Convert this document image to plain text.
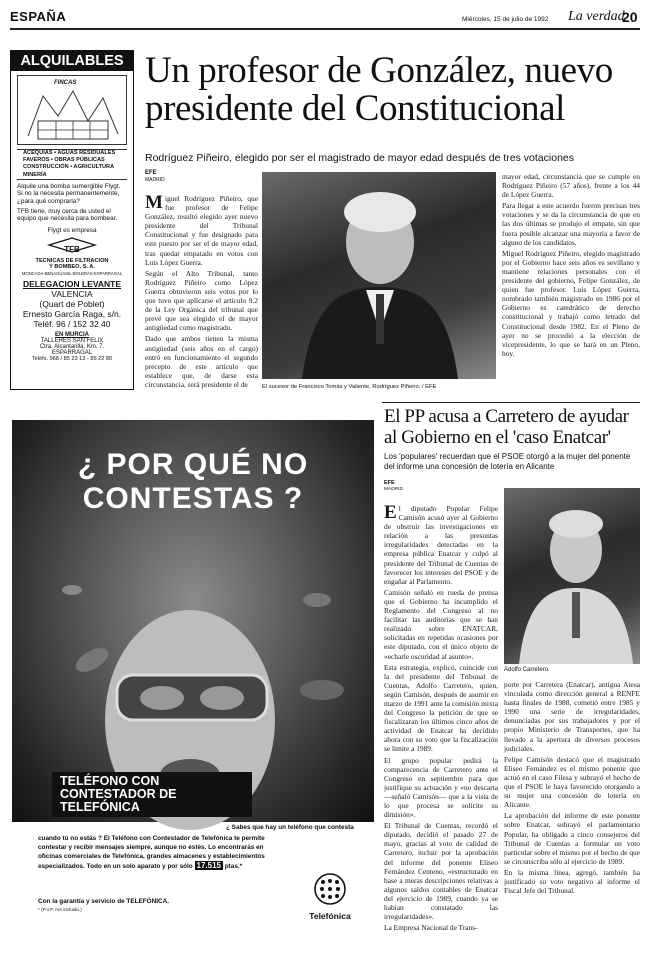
ESPAÑA	Miércoles, 15 de julio de 1992 La verdad
20
ALQUILABLES
FINCAS
ACEQUIAS • AGUAS RESIDUALES
FAVEROS • OBRAS PÚBLICAS
CONSTRUCCIÓN • AGRICULTURA
MINERÍA
Alquile una bomba sumergible Flygt. Si no la necesita permanentemente, ¿para qué comprarla?
TFB tiene, muy cerca de usted el equipo que necesita para bombear.
Flygt es empresa
TFB
TECNICAS DE FILTRACION
Y BOMBEO, S. A.
MONCADA-BENAGUASIL-BOLERAS-ESPARRAGAL
DELEGACION LEVANTE
VALENCIA
(Quart de Poblet)
Ernesto García Raga, s/n.
Teléf. 96 / 152 32 40
EN MURCIA
TALLERES SAN FELIX
Ctra. Alcantarilla, Km. 7.
ESPARRAGAL
Teléfs. 968 / 85 23 13 - 85 22 80
Un profesor de González, nuevo
presidente del Constitucional
Rodríguez Piñeiro, elegido por ser el magistrado de mayor edad después de tres votaciones
EFE
MADRID

Miguel Rodríguez Piñeiro, que fue profesor de Felipe González, resultó elegido ayer nuevo presidente del Tribunal Constitucional y fue designado para este puesto por ser el de mayor edad, tras quedar empatado en votos con Luis López Guerra.

Según el Alto Tribunal, tanto Rodríguez Piñeiro como López Guerra obtuvieron seis votos por lo que tuvo que aplicarse el artículo 9.2 de la Ley Orgánica del tribunal que prevé que sea elegido el de mayor antigüedad como magistrado.

Dado que ambos tienen la misma antigüedad (seis años en el cargo) entró en funcionamiento el segundo precepto de este artículo que establece que, de darse esta circunstancia, será presidente el de	El sucesor de Francisco Tomás y Valiente, Rodríguez Piñeiro. / EFE

mayor edad, circunstancia que se cumple en Rodríguez Piñeiro (57 años), frente a los 44 de López Guerra.

Para llegar a este acuerdo fueron precisas tres votaciones y se da la circunstancia de que en las dos últimas se produjo el empate, sin que fuera posible alcanzar una mayoría a favor de alguno de los candidatos.

Miguel Rodríguez Piñeiro, elegido magistrado por el Gobierno hace seis años es sevillano y mantiene relaciones personales con el presidente del gobierno, Felipe González, de quien fue profesor. Luis López Guerra, nombrado también magistrado en 1986 por el Gobierno es catedrático de derecho constitucional y trabajó como letrado del Constitucional desde 1982. En el Pleno de ayer no se procedió a la elección de vicepresidente, lo que se hará en un Pleno, hoy.

¿ POR QUÉ NO
CONTESTAS ?
TELÉFONO CON
CONTESTADOR DE
TELEFÓNICA
¿ Sabes que hay un teléfono que contesta
cuando tú no estás ? El Teléfono con Contestador de Telefónica te permite contestar y recibir mensajes siempre, aunque no estés. Lo encontrarás en oficinas comerciales de Telefónica, grandes almacenes y establecimientos especializados. Todo en un solo aparato y por sólo 17.515 ptas.*
Con la garantía y servicio de TELEFÓNICA.
* (P.V.P. IVA incluido.)
Telefónica
El PP acusa a Carretero de ayudar
al Gobierno en el 'caso Enatcar'
Los 'populares' recuerdan que el PSOE otorgó a la mujer del ponente del informe una concesión de lotería en Alicante
EFE
MADRID

El diputado Popular Felipe Camisón acusó ayer al Gobierno de obstruir las investigaciones en relación a las presuntas irregularidades detectadas en la empresa pública Enatcar y culpó al presidente del Tribunal de Cuentas de favorecer los intereses del PSOE y de engañar al Parlamento.

Camisón señaló en rueda de prensa que el Gobierno ha incumplido el Reglamento del Congreso al no facilitar las auditorías que se han realizado sobre ENATCAR, solicitadas en repetidas ocasiones por este diputado, con el único objeto de «echarle oscuridad al asunto».

Esta estrategia, explicó, coincide con la del presidente del Tribunal de Cuentas, Adolfo Carretero, quien, según Camisón, después de asumir en marzo de 1991 ante la comisión mixta del Congreso la petición de que se fiscalizaran los últimos cinco años de actividad de Enatcar ha decidido ahora con su voto que la fiscalización se limite a 1989.

El grupo popular pedirá la comparecencia de Carretero ante el Congreso en septiembre para que justifique su actuación y «no descarta —señaló Camisón— que a la vista de lo que procesa se solicite su dimisión».

El Tribunal de Cuentas, recordó el diputado, decidió el pasado 27 de mayo, gracias al voto de calidad de Carretero, incluir por la aprobación del informe del ponente Eliseo Fernández Centeno, «estructurado en base a meras descripciones relativas a algunos saldos contables de Enatcar del ejercicio de 1989, cuando ya se habían constatado las irregularidades».

La Empresa Nacional de Trans-

Adolfo Carretero.

porte por Carretera (Enatcar), antigua Atesa vinculada como dirección general a RENFE hasta finales de 1988, cometió entre 1985 y 1990 una serie de irregularidades, denunciadas por sus trabajadores y por el propio Ministerio de Transportes, que ha llevado a la apertura de diversos procesos judiciales.

Felipe Camisón destacó que el magistrado Eliseo Fernández es el mismo ponente que actuó en el caso Filesa y subrayó el hecho de que el PSOE le haya favorecido otorgando a su mujer una concesión de lotería en Alicante.

La aprobación del informe de este ponente sobre Enatcar, subrayó el parlamentario Popular, ha obligado a cinco consejeros del Tribunal de Cuentas a formular un voto particular sobre el mismo por el hecho de que se circunscriba sólo al ejercicio de 1989.

En la misma línea, agregó, también ha justificado su voto negativo al informe el Fiscal Jefe del Tribunal.
